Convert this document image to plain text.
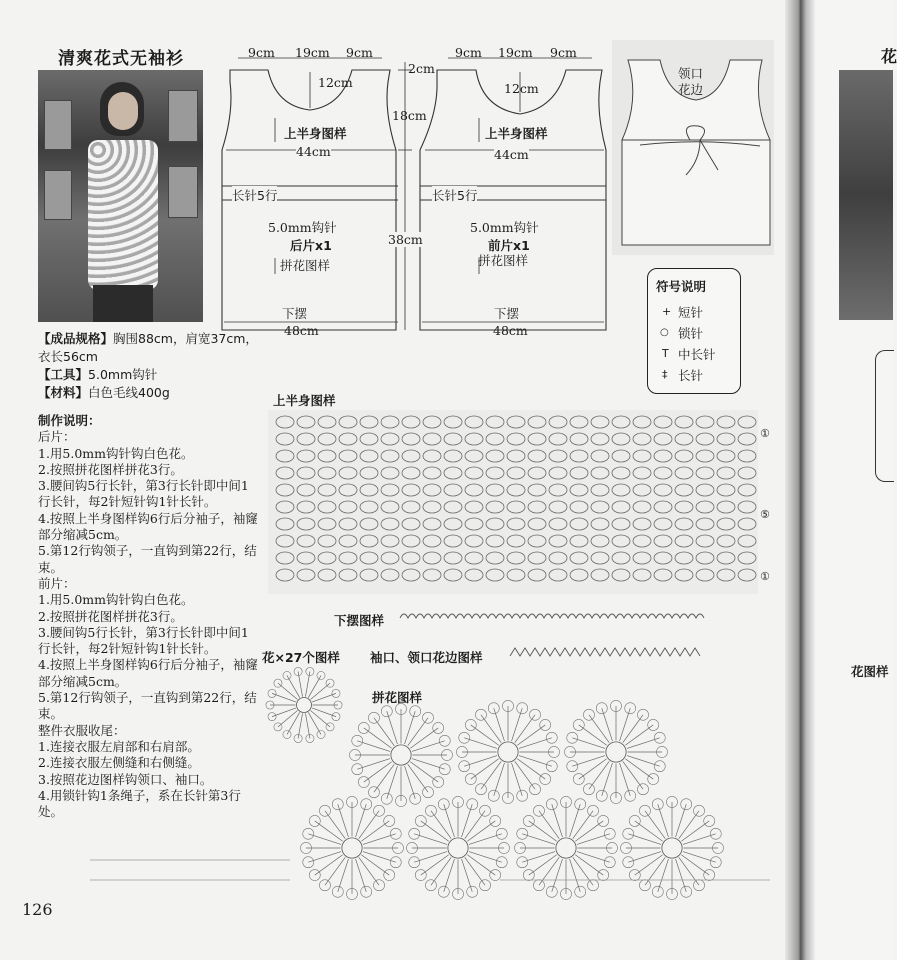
清爽花式无袖衫
【成品规格】胸围88cm，肩宽37cm，衣长56cm
【工具】5.0mm钩针
【材料】白色毛线400g
制作说明：
后片：
1.用5.0mm钩针钩白色花。
2.按照拼花图样拼花3行。
3.腰间钩5行长针，第3行长针即中间1行长针，每2针短针钩1针长针。
4.按照上半身图样钩6行后分袖子，袖窿部分缩减5cm。
5.第12行钩领子，一直钩到第22行，结束。
前片：
1.用5.0mm钩针钩白色花。
2.按照拼花图样拼花3行。
3.腰间钩5行长针，第3行长针即中间1行长针，每2针短针钩1针长针。
4.按照上半身图样钩6行后分袖子，袖窿部分缩减5cm。
5.第12行钩领子，一直钩到第22行，结束。
整件衣服收尾：
1.连接衣服左肩部和右肩部。
2.连接衣服左侧缝和右侧缝。
3.按照花边图样钩领口、袖口。
4.用锁针钩1条绳子，系在长针第3行处。
126
9cm 19cm 9cm
12cm
2cm
18cm
上半身图样
44cm
长针5行
5.0mm钩针
后片x1
拼花图样
38cm
下摆
48cm
9cm 19cm 9cm
12cm
上半身图样
44cm
长针5行
5.0mm钩针
前片x1
拼花图样
下摆
48cm
领口
花边
符号说明
短针
锁针
中长针
长针
+
○
T
‡
上半身图样
①
⑤
①
下摆图样
花×27个图样 袖口、领口花边图样
拼花图样
花
花图样
